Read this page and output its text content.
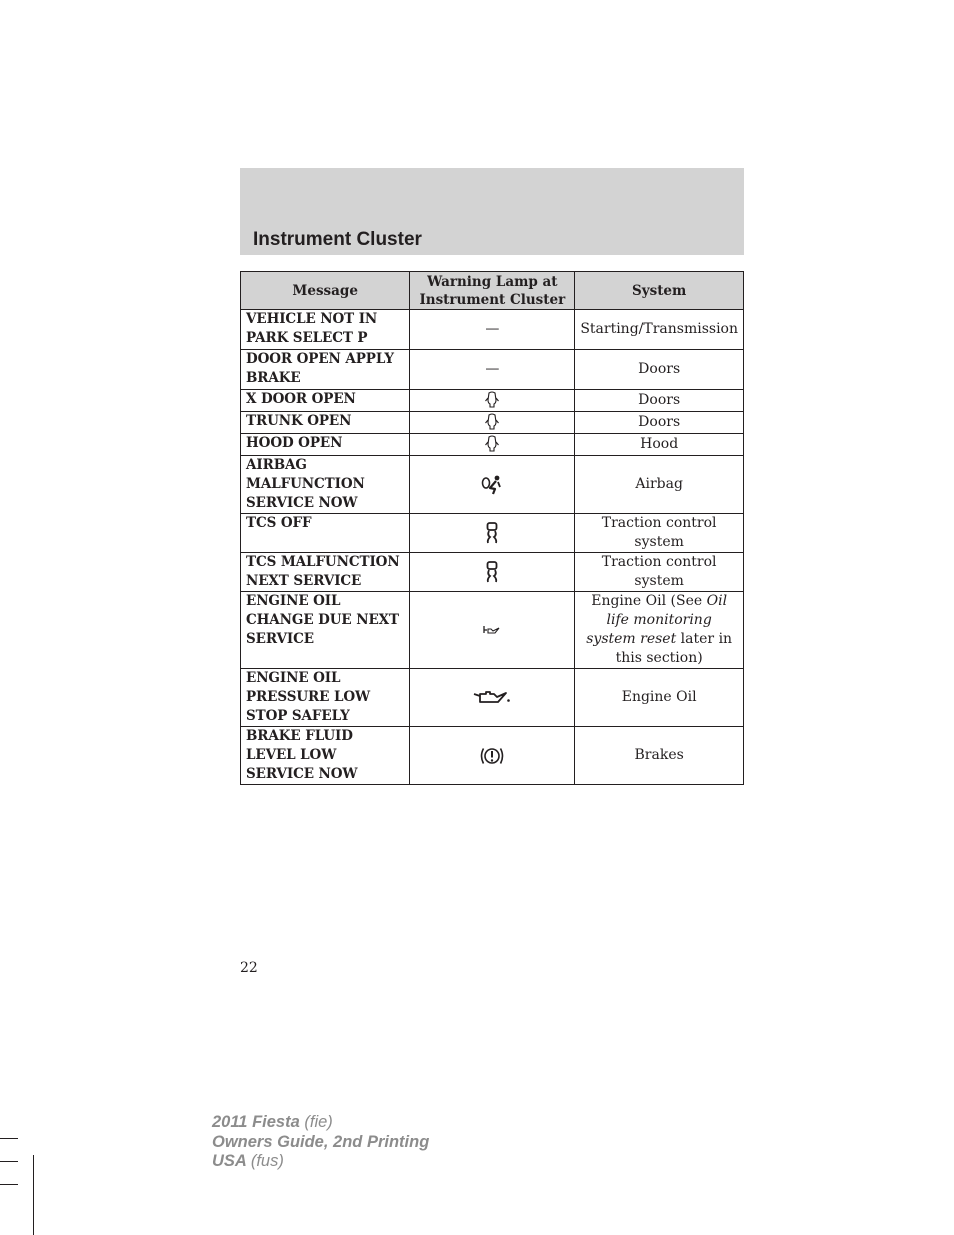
Instrument Cluster
Message	Warning Lamp at Instrument Cluster	System
VEHICLE NOT IN PARK SELECT P	—	Starting/Transmission
DOOR OPEN APPLY BRAKE	—	Doors
X DOOR OPEN		Doors
TRUNK OPEN		Doors
HOOD OPEN		Hood
AIRBAG MALFUNCTION SERVICE NOW		Airbag
TCS OFF		Traction control system
TCS MALFUNCTION NEXT SERVICE		Traction control system
ENGINE OIL CHANGE DUE NEXT SERVICE		Engine Oil (See Oil life monitoring system reset later in this section)
ENGINE OIL PRESSURE LOW STOP SAFELY		Engine Oil
BRAKE FLUID LEVEL LOW SERVICE NOW		Brakes
22
2011 Fiesta (fie)
Owners Guide, 2nd Printing
USA (fus)
